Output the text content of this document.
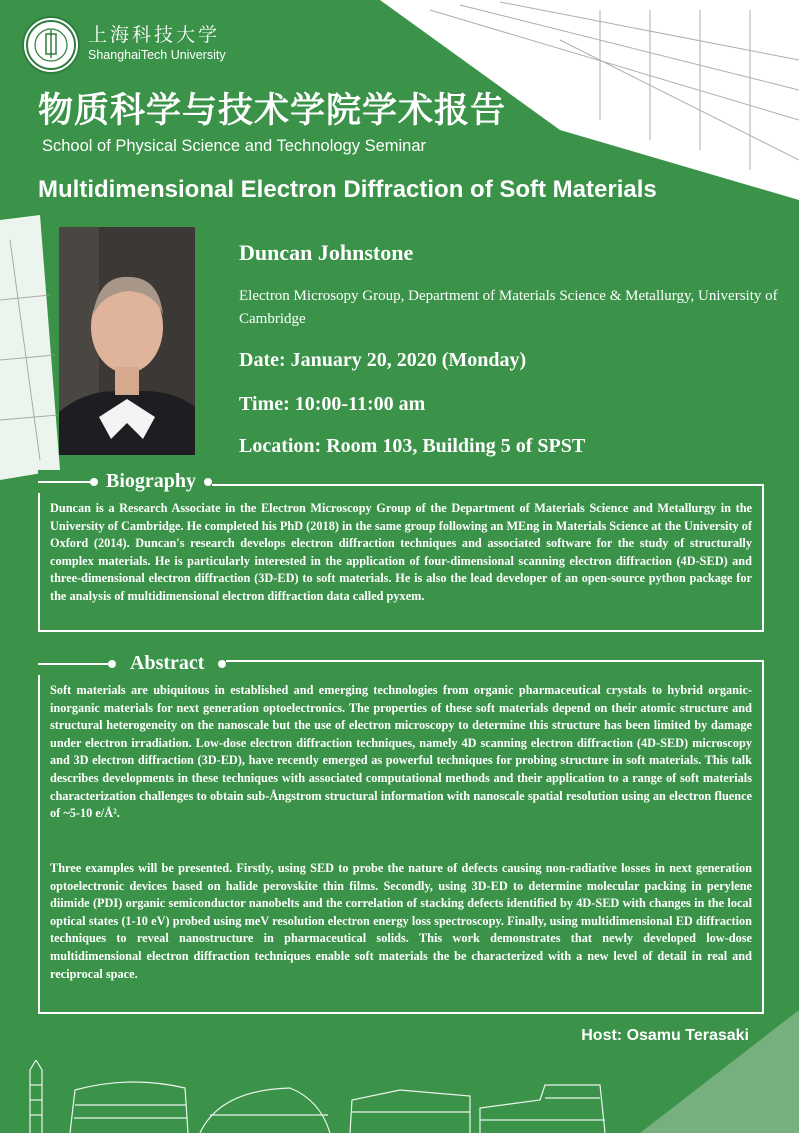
上海科技大学
ShanghaiTech University
物质科学与技术学院学术报告
School of Physical Science and Technology Seminar
Multidimensional Electron Diffraction of Soft Materials
Duncan Johnstone
Electron Microsopy Group, Department of Materials Science & Metallurgy, University of Cambridge
Date: January 20, 2020 (Monday)
Time: 10:00-11:00 am
Location: Room 103, Building 5 of SPST
Biography
Duncan is a Research Associate in the Electron Microscopy Group of the Department of Materials Science and Metallurgy in the University of Cambridge. He completed his PhD (2018) in the same group following an MEng in Materials Science at the University of Oxford (2014). Duncan's research develops electron diffraction techniques and associated software for the study of structurally complex materials. He is particularly interested in the application of four-dimensional scanning electron diffraction (4D-SED) and three-dimensional electron diffraction (3D-ED) to soft materials. He is also the lead developer of an open-source python package for the analysis of multidimensional electron diffraction data called pyxem.
Abstract
Soft materials are ubiquitous in established and emerging technologies from organic pharmaceutical crystals to hybrid organic-inorganic materials for next generation optoelectronics. The properties of these soft materials depend on their atomic structure and structural heterogeneity on the nanoscale but the use of electron microscopy to determine this structure has been limited by damage under electron irradiation. Low-dose electron diffraction techniques, namely 4D scanning electron diffraction (4D-SED) microscopy and 3D electron diffraction (3D-ED), have recently emerged as powerful techniques for probing structure in soft materials. This talk describes developments in these techniques with associated computational methods and their application to a range of soft materials characterization challenges to obtain sub-Ångstrom structural information with nanoscale spatial resolution using an electron fluence of ~5-10 e/Å².
Three examples will be presented. Firstly, using SED to probe the nature of defects causing non-radiative losses in next generation optoelectronic devices based on halide perovskite thin films. Secondly, using 3D-ED to determine molecular packing in perylene diimide (PDI) organic semiconductor nanobelts and the correlation of stacking defects identified by 4D-SED with changes in the local optical states (1-10 eV) probed using meV resolution electron energy loss spectroscopy. Finally, using multidimensional ED diffraction techniques to reveal nanostructure in pharmaceutical solids. This work demonstrates that newly developed low-dose multidimensional electron diffraction techniques enable soft materials the be characterized with a new level of detail in real and reciprocal space.
Host: Osamu Terasaki
